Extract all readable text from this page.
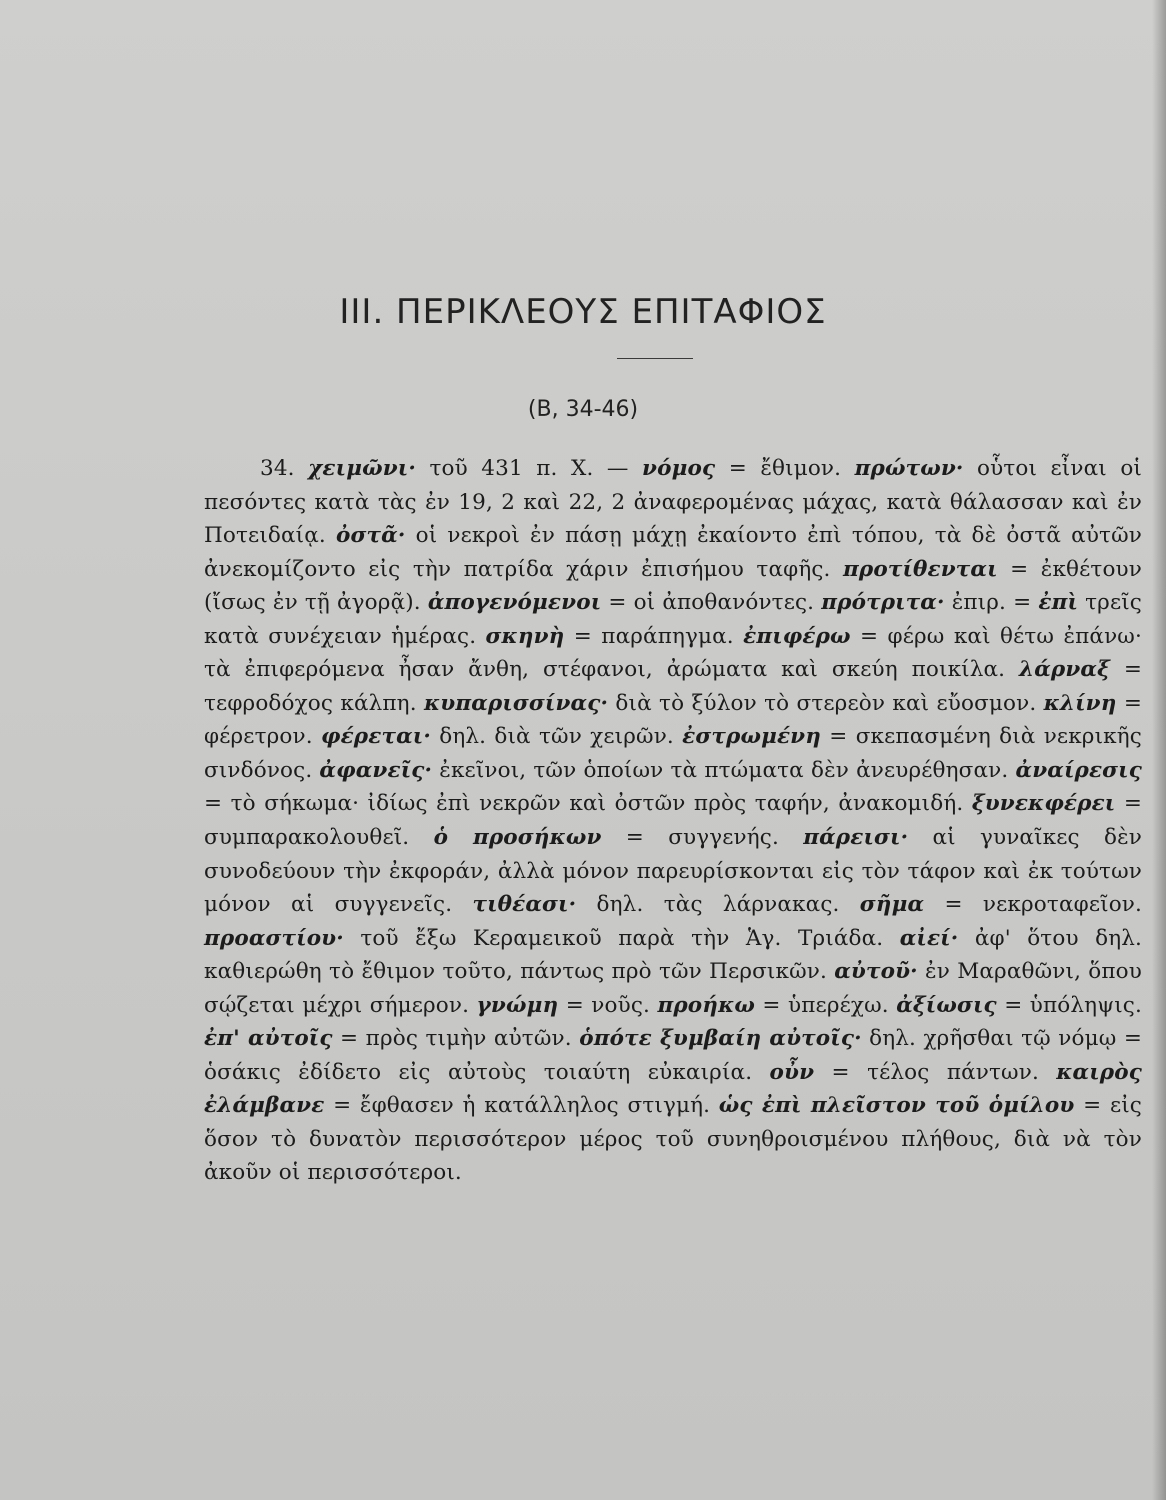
III. ΠΕΡΙΚΛΕΟΥΣ ΕΠΙΤΑΦΙΟΣ
(Β, 34-46)
34. χειμῶνι· τοῦ 431 π. Χ. — νόμος = ἔθιμον. πρώτων· οὗτοι εἶναι οἱ πεσόντες κατὰ τὰς ἐν 19, 2 καὶ 22, 2 ἀναφερομένας μάχας, κατὰ θάλασσαν καὶ ἐν Ποτειδαίᾳ. ὀστᾶ· οἱ νεκροὶ ἐν πάσῃ μάχῃ ἐκαίοντο ἐπὶ τόπου, τὰ δὲ ὀστᾶ αὐτῶν ἀνεκομίζοντο εἰς τὴν πατρίδα χάριν ἐπισήμου ταφῆς. προτίθενται = ἐκθέτουν (ἴσως ἐν τῇ ἀγορᾷ). ἀπογενόμενοι = οἱ ἀποθανόντες. πρότριτα· ἐπιρ. = ἐπὶ τρεῖς κατὰ συνέχειαν ἡμέρας. σκηνὴ = παράπηγμα. ἐπιφέρω = φέρω καὶ θέτω ἐπάνω· τὰ ἐπιφερόμενα ἦσαν ἄνθη, στέφανοι, ἀρώματα καὶ σκεύη ποικίλα. λάρναξ = τεφροδόχος κάλπη. κυπαρισσίνας· διὰ τὸ ξύλον τὸ στερεὸν καὶ εὔοσμον. κλίνη = φέρετρον. φέρεται· δηλ. διὰ τῶν χειρῶν. ἐστρωμένη = σκεπασμένη διὰ νεκρικῆς σινδόνος. ἀφανεῖς· ἐκεῖνοι, τῶν ὁποίων τὰ πτώματα δὲν ἀνευρέθησαν. ἀναίρεσις = τὸ σήκωμα· ἰδίως ἐπὶ νεκρῶν καὶ ὀστῶν πρὸς ταφήν, ἀνακομιδή. ξυνεκφέρει = συμπαρακολουθεῖ. ὁ προσήκων = συγγενής. πάρεισι· αἱ γυναῖκες δὲν συνοδεύουν τὴν ἐκφοράν, ἀλλὰ μόνον παρευρίσκονται εἰς τὸν τάφον καὶ ἐκ τούτων μόνον αἱ συγγενεῖς. τιθέασι· δηλ. τὰς λάρνακας. σῆμα = νεκροταφεῖον. προαστίου· τοῦ ἔξω Κεραμεικοῦ παρὰ τὴν Ἁγ. Τριάδα. αἰεί· ἀφ' ὅτου δηλ. καθιερώθη τὸ ἔθιμον τοῦτο, πάντως πρὸ τῶν Περσικῶν. αὐτοῦ· ἐν Μαραθῶνι, ὅπου σῴζεται μέχρι σήμερον. γνώμη = νοῦς. προήκω = ὑπερέχω. ἀξίωσις = ὑπόληψις. ἐπ' αὐτοῖς = πρὸς τιμὴν αὐτῶν. ὁπότε ξυμβαίη αὐτοῖς· δηλ. χρῆσθαι τῷ νόμῳ = ὁσάκις ἐδίδετο εἰς αὐτοὺς τοιαύτη εὐκαιρία. οὖν = τέλος πάντων. καιρὸς ἐλάμβανε = ἔφθασεν ἡ κατάλληλος στιγμή. ὡς ἐπὶ πλεῖστον τοῦ ὁμίλου = εἰς ὅσον τὸ δυνατὸν περισσότερον μέρος τοῦ συνηθροισμένου πλήθους, διὰ νὰ τὸν ἀκοῦν οἱ περισσότεροι.
